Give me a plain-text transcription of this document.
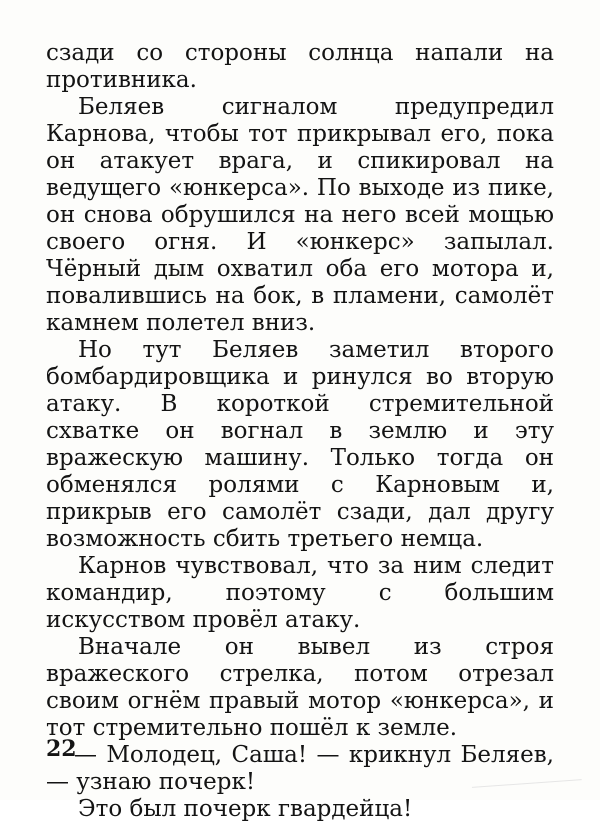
сзади со стороны солнца напали на противника.

Беляев сигналом предупредил Карнова, чтобы тот прикрывал его, пока он атакует врага, и спикировал на ведущего «юнкерса». По выходе из пике, он снова обрушился на него всей мощью своего огня. И «юнкерс» запылал. Чёрный дым охватил оба его мотора и, повалившись на бок, в пламени, самолёт камнем полетел вниз.

Но тут Беляев заметил второго бомбардировщика и ринулся во вторую атаку. В короткой стремительной схватке он вогнал в землю и эту вражескую машину. Только тогда он обменялся ролями с Карновым и, прикрыв его самолёт сзади, дал другу возможность сбить третьего немца.

Карнов чувствовал, что за ним следит командир, поэтому с большим искусством провёл атаку.

Вначале он вывел из строя вражеского стрелка, потом отрезал своим огнём правый мотор «юнкерса», и тот стремительно пошёл к земле.

— Молодец, Саша! — крикнул Беляев, — узнаю почерк!

Это был почерк гвардейца!

22
